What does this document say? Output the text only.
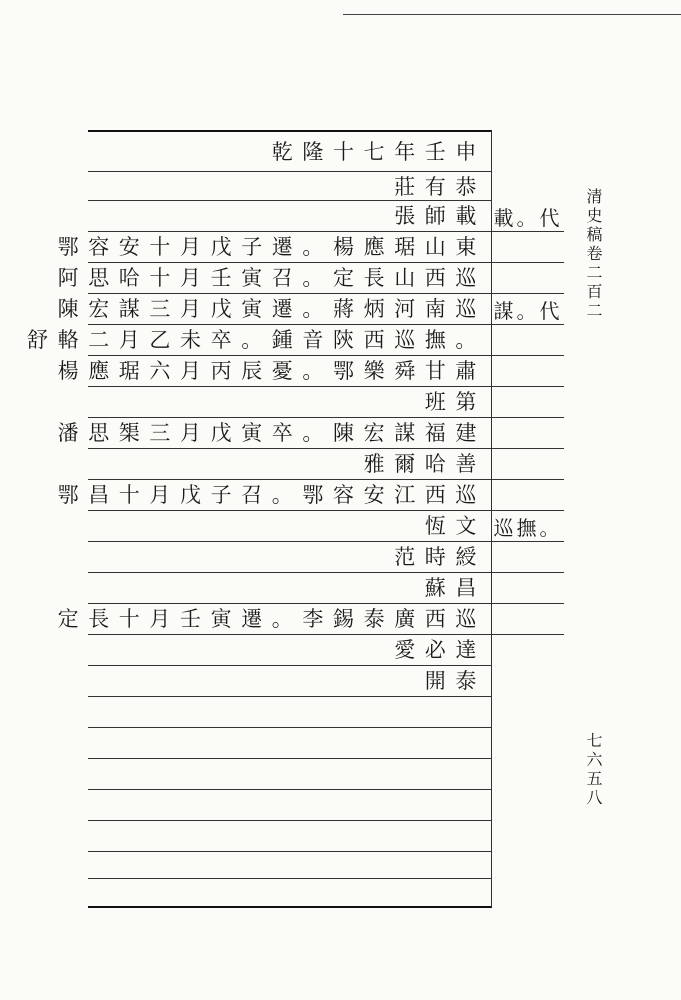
乾隆十七年壬申
莊有恭
張師載
鄂容安十月戊子遷。楊應琚山東
阿思哈十月壬寅召。定長山西巡
陳宏謀三月戊寅遷。蔣炳河南巡
舒輅二月乙未卒。鍾音陝西巡撫。
楊應琚六月丙辰憂。鄂樂舜甘肅
班第
潘思榘三月戊寅卒。陳宏謀福建
雅爾哈善
鄂昌十月戊子召。鄂容安江西巡
恆文
范時綬
蘇昌
定長十月壬寅遷。李錫泰廣西巡
愛必達
開泰
載。代
謀。代
巡撫。
清史稿卷二百二
七六五八
